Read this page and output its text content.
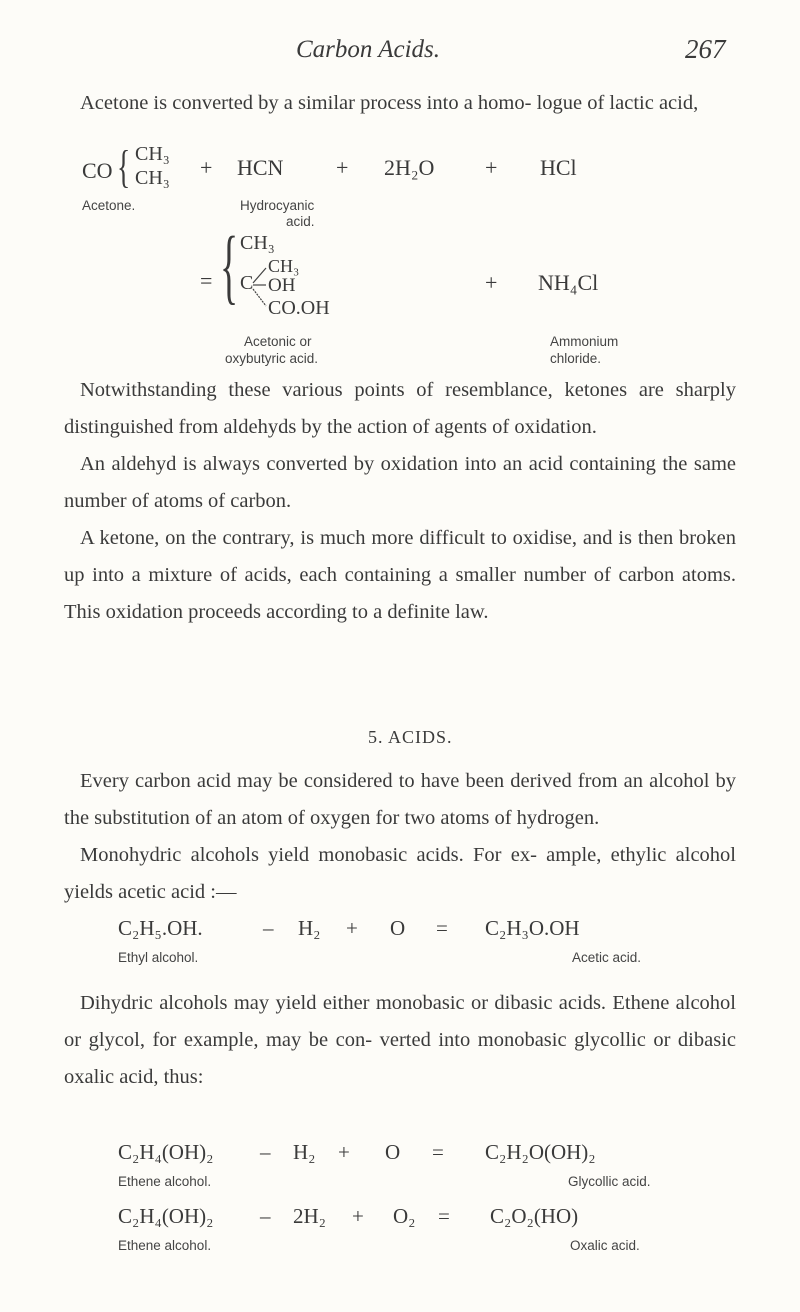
Carbon Acids.	267

Acetone is converted by a similar process into a homo- logue of lactic acid,

CO { CH₃
CH₃ + HCN + 2H₂O + HCl
Acetone.	Hydrocyanic
acid.
= { CH₃
CH₃
C OH
CO.OH
+ NH₄Cl
Acetonic or
oxybutyric acid.
Ammonium
chloride.

Notwithstanding these various points of resemblance, ketones are sharply distinguished from aldehyds by the action of agents of oxidation.

An aldehyd is always converted by oxidation into an acid containing the same number of atoms of carbon.

A ketone, on the contrary, is much more difficult to oxidise, and is then broken up into a mixture of acids, each containing a smaller number of carbon atoms. This oxidation proceeds according to a definite law.

5. ACIDS.

Every carbon acid may be considered to have been derived from an alcohol by the substitution of an atom of oxygen for two atoms of hydrogen.

Monohydric alcohols yield monobasic acids. For ex- ample, ethylic alcohol yields acetic acid :—

C₂H₅.OH.	– H₂ + O = C₂H₃O.OH
Ethyl alcohol.	Acetic acid.

Dihydric alcohols may yield either monobasic or dibasic acids. Ethene alcohol or glycol, for example, may be con- verted into monobasic glycollic or dibasic oxalic acid, thus:

C₂H₄(OH)₂ – H₂ + O = C₂H₂O(OH)₂
Ethene alcohol.	Glycollic acid.
C₂H₄(OH)₂ – 2H₂ + O₂ = C₂O₂(HO)
Ethene alcohol.	Oxalic acid.
